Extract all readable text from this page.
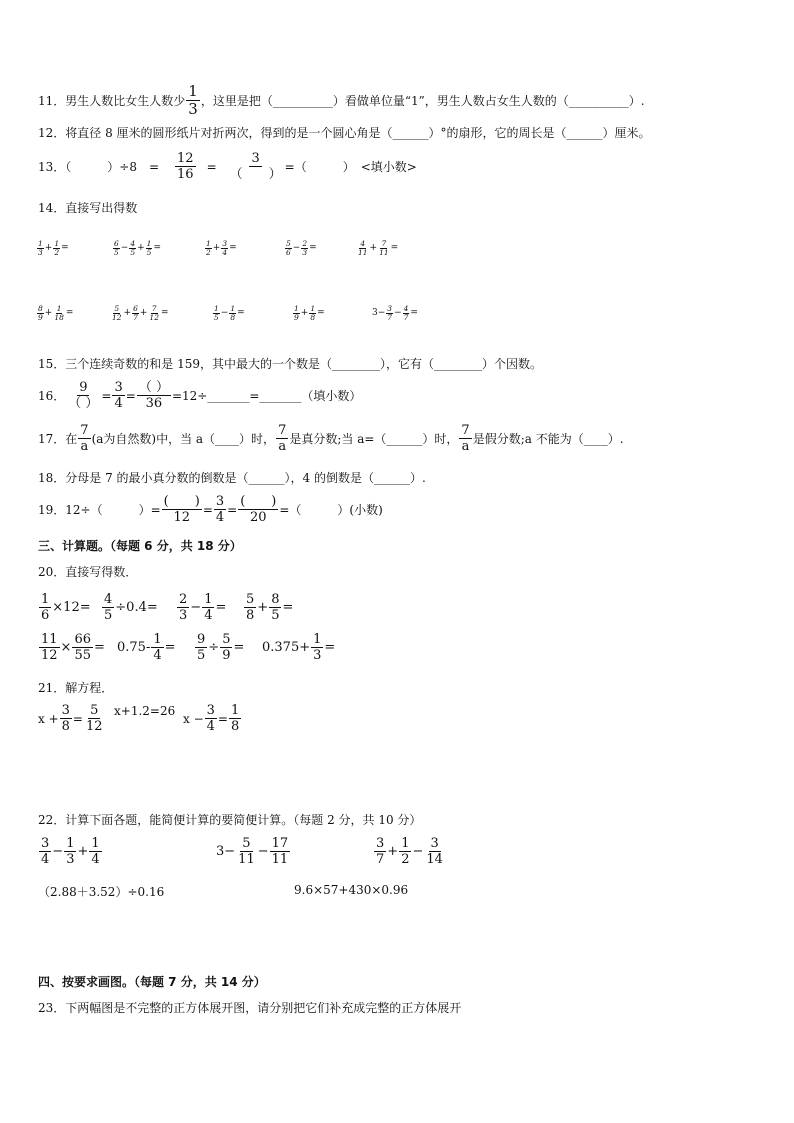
11．男生人数比女生人数少 $\frac{1}{3}$ ，这里是把（__________）看做单位量“1”，男生人数占女生人数的（__________）.
12．将直径 8 厘米的圆形纸片对折两次，得到的是一个圆心角是（______）°的扇形，它的周长是（______）厘米。
13．（　　　）÷8　= $\frac{12}{16} = \frac{3}{( )}$ =（　　　）　<填小数>
14．直接写出得数
$\frac{1}{3} + \frac{1}{2}$ =	$\frac{6}{5} - \frac{4}{5} + \frac{1}{5}$ =	$\frac{1}{2} + \frac{3}{4}$ =	$\frac{5}{6} - \frac{2}{3}$ =	$\frac{4}{11} + \frac{7}{11}$ =
$\frac{8}{9} + \frac{1}{18}$ =	$\frac{5}{12} + \frac{6}{7} + \frac{7}{12}$ =	$\frac{1}{5} - \frac{1}{8}$ =	$\frac{1}{9} + \frac{1}{8}$ =	$3- \frac{3}{7} - \frac{4}{7}$ =
15．三个连续奇数的和是 159，其中最大的一个数是（________），它有（________）个因数。
16． $\frac{9}{( )} = \frac{3}{4} = \frac{( )}{36}$ =12÷_______=_______（填小数）
17．在 $\frac{7}{a} (a$为自然数)中，当 a（____）时， $\frac{7}{a}$ 是真分数;当 a=（______）时， $\frac{7}{a}$ 是假分数;a 不能为（____）.
18．分母是 7 的最小真分数的倒数是（______），4 的倒数是（______）.
19．12÷（　　　）= $\frac{( )}{12} = \frac{3}{4} = \frac{( )}{20}$ =（　　　）(小数)
三、计算题。（每题 6 分，共 18 分）
20．直接写得数．
$\frac{1}{6} \times 12= \frac{4}{5} \div 0.4= \frac{2}{3} - \frac{1}{4} = \frac{5}{8} + \frac{8}{5}$ =
$\frac{11}{12} \times \frac{66}{55} = 0.75- \frac{1}{4} = \frac{9}{5} \div \frac{5}{9} = 0.375+ \frac{1}{3}$ =
21．解方程．
$x + \frac{3}{8} = \frac{5}{12} x+1.2=26$
$x - \frac{3}{4} = \frac{1}{8}$
22．计算下面各题，能简便计算的要简便计算。（每题 2 分，共 10 分）
$\frac{3}{4} - \frac{1}{3} + \frac{1}{4}$	$3- \frac{5}{11} - \frac{17}{11}$	$\frac{3}{7} + \frac{1}{2} - \frac{3}{14}$
（2.88＋3.52）÷0.16	9.6×57+430×0.96
四、按要求画图。（每题 7 分，共 14 分）
23．下两幅图是不完整的正方体展开图，请分别把它们补充成完整的正方体展开
